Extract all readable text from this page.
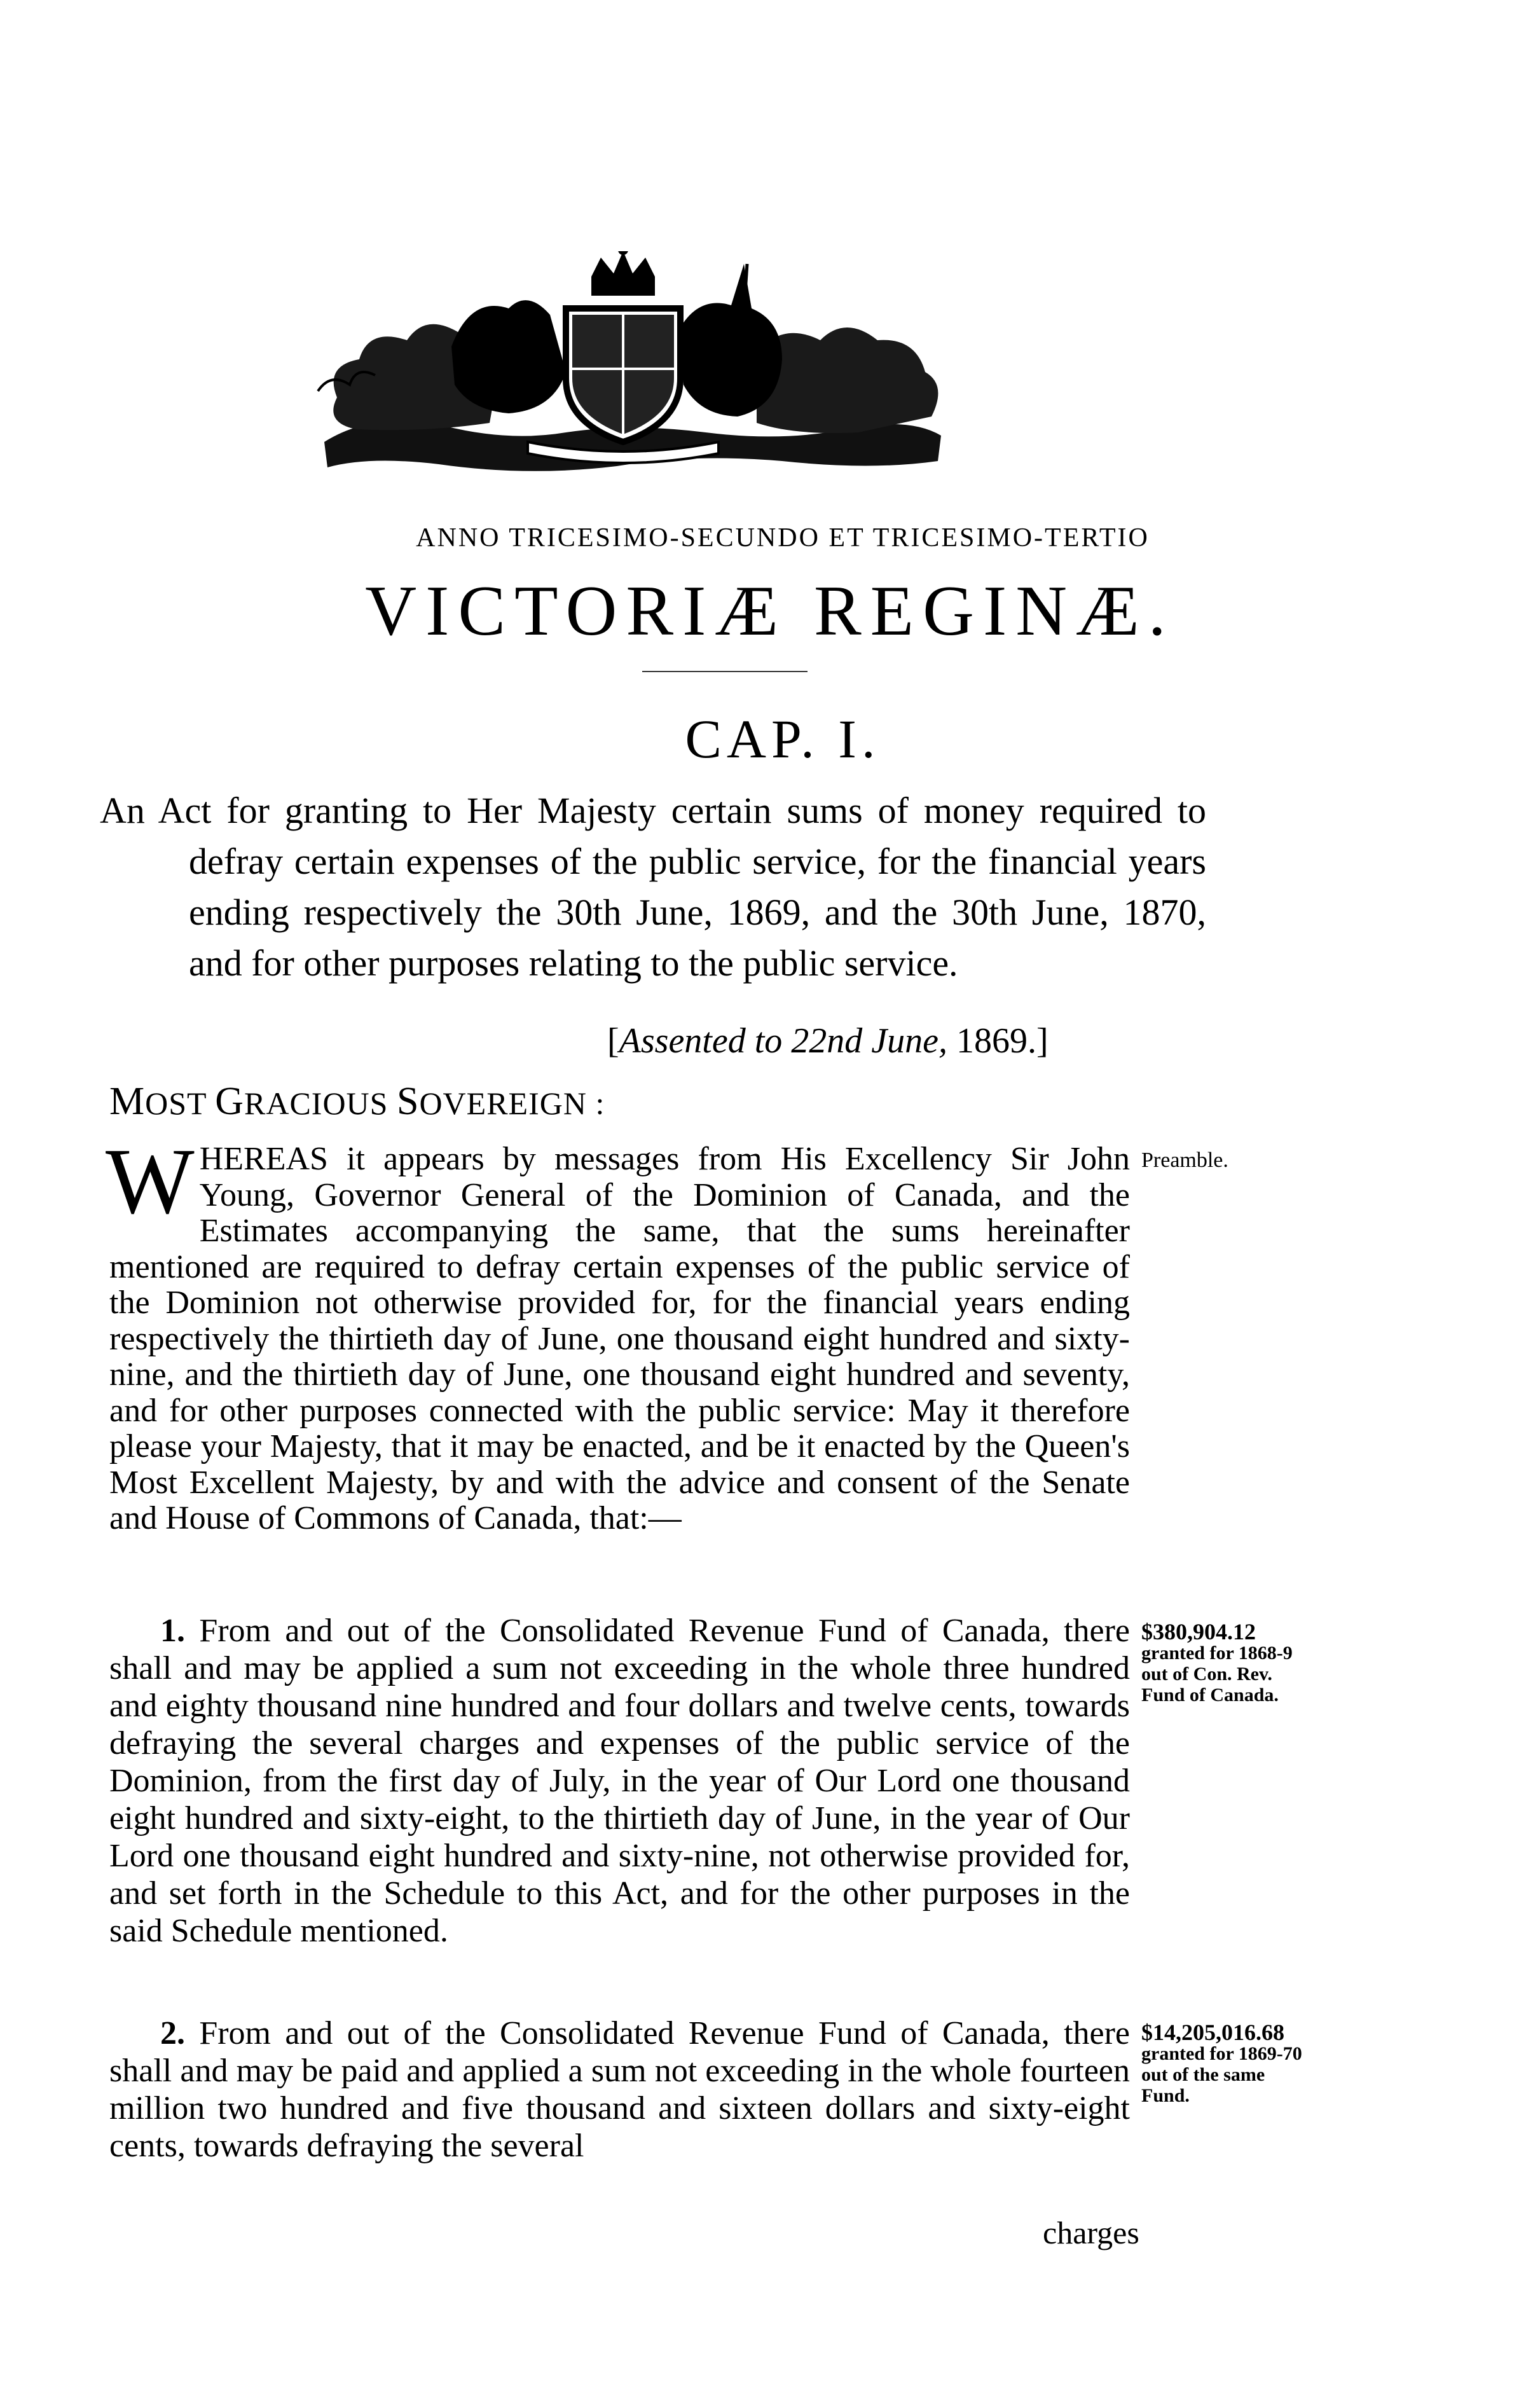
ANNO TRICESIMO-SECUNDO ET TRICESIMO-TERTIO
VICTORIÆ REGINÆ.
CAP. I.
An Act for granting to Her Majesty certain sums of money required to defray certain expenses of the public service, for the financial years ending respectively the 30th June, 1869, and the 30th June, 1870, and for other purposes relating to the public service.
[Assented to 22nd June, 1869.]
MOST GRACIOUS SOVEREIGN :
WHEREAS it appears by messages from His Excellency Sir John Young, Governor General of the Dominion of Canada, and the Estimates accompanying the same, that the sums hereinafter mentioned are required to defray certain expenses of the public service of the Dominion not otherwise provided for, for the financial years ending respectively the thirtieth day of June, one thousand eight hundred and sixty-nine, and the thirtieth day of June, one thousand eight hundred and seventy, and for other purposes connected with the public service: May it therefore please your Majesty, that it may be enacted, and be it enacted by the Queen's Most Excellent Majesty, by and with the advice and consent of the Senate and House of Commons of Canada, that:—
Preamble.
1. From and out of the Consolidated Revenue Fund of Canada, there shall and may be applied a sum not exceeding in the whole three hundred and eighty thousand nine hundred and four dollars and twelve cents, towards defraying the several charges and expenses of the public service of the Dominion, from the first day of July, in the year of Our Lord one thousand eight hundred and sixty-eight, to the thirtieth day of June, in the year of Our Lord one thousand eight hundred and sixty-nine, not otherwise provided for, and set forth in the Schedule to this Act, and for the other purposes in the said Schedule mentioned.
$380,904.12
granted for 1868-9 out of Con. Rev. Fund of Canada.
2. From and out of the Consolidated Revenue Fund of Canada, there shall and may be paid and applied a sum not exceeding in the whole fourteen million two hundred and five thousand and sixteen dollars and sixty-eight cents, towards defraying the several
$14,205,016.68
granted for 1869-70 out of the same Fund.
charges
